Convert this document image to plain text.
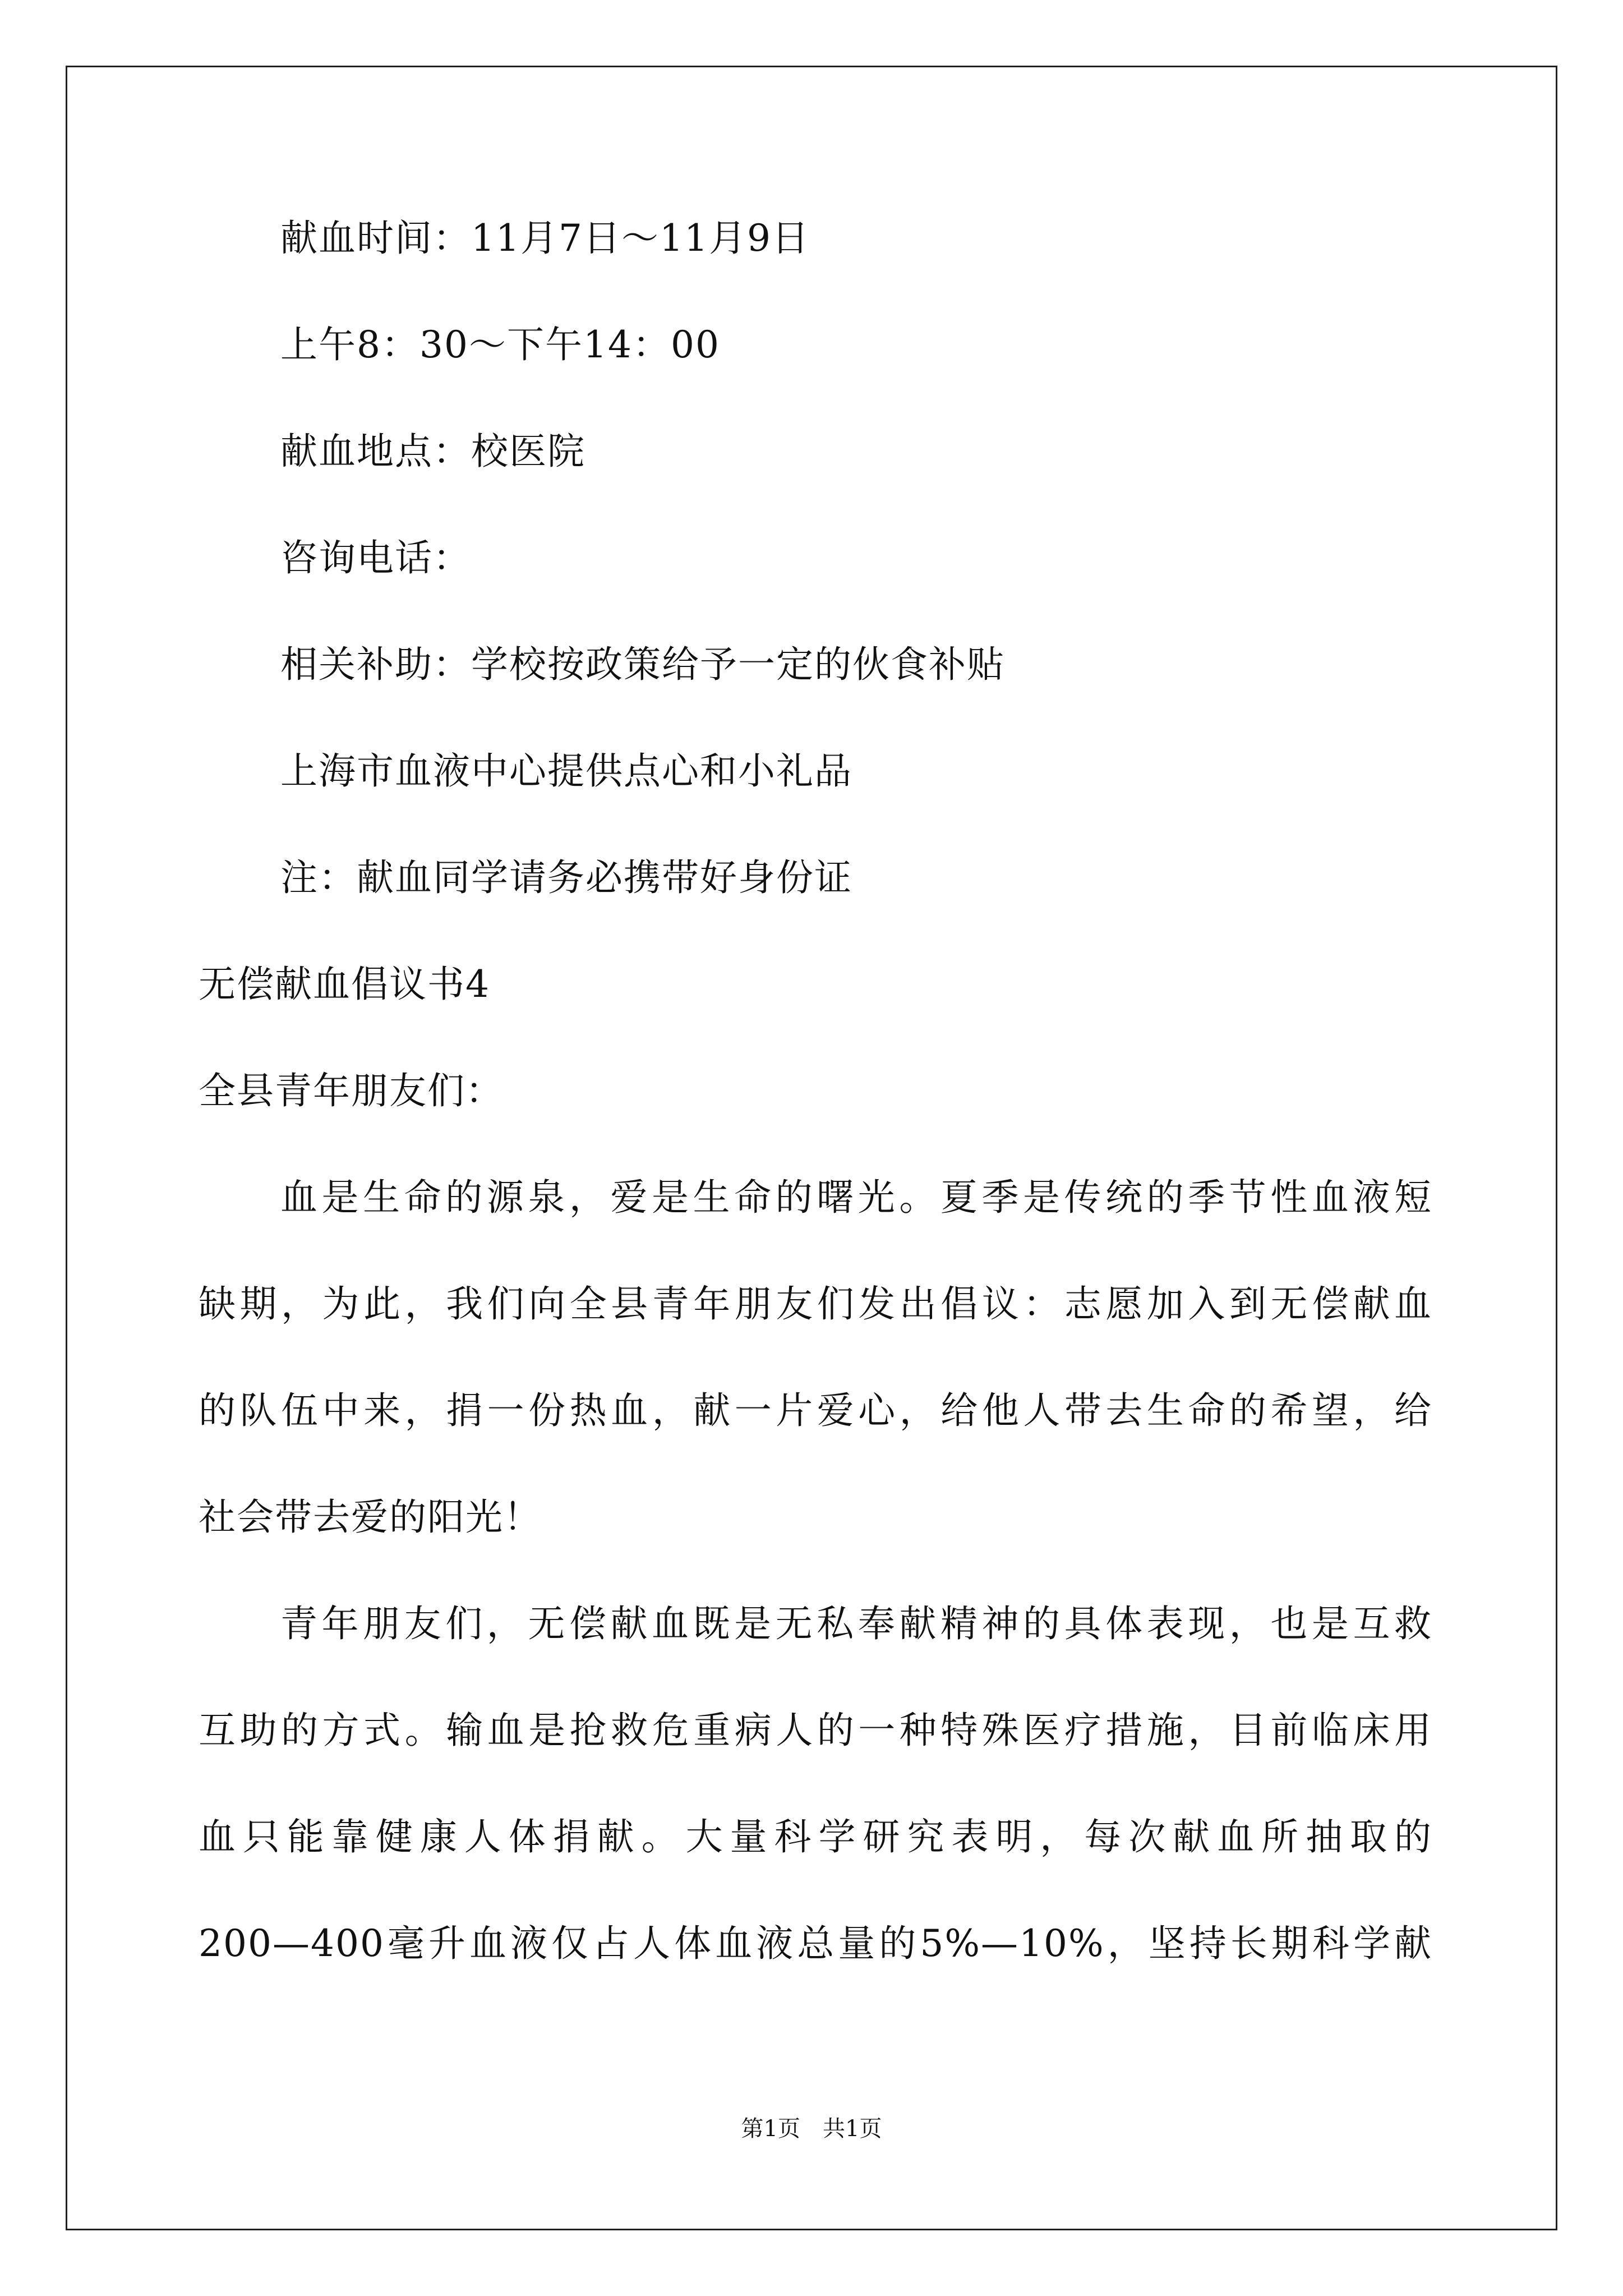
献血时间：11月7日～11月9日

上午8：30～下午14：00

献血地点：校医院

咨询电话：

相关补助：学校按政策给予一定的伙食补贴

上海市血液中心提供点心和小礼品

注：献血同学请务必携带好身份证

无偿献血倡议书4

全县青年朋友们：

血是生命的源泉，爱是生命的曙光。夏季是传统的季节性血液短

缺期，为此，我们向全县青年朋友们发出倡议：志愿加入到无偿献血

的队伍中来，捐一份热血，献一片爱心，给他人带去生命的希望，给

社会带去爱的阳光！

青年朋友们，无偿献血既是无私奉献精神的具体表现，也是互救

互助的方式。输血是抢救危重病人的一种特殊医疗措施，目前临床用

血只能靠健康人体捐献。大量科学研究表明，每次献血所抽取的

200—400毫升血液仅占人体血液总量的5%—10%，坚持长期科学献

第1页　共1页
